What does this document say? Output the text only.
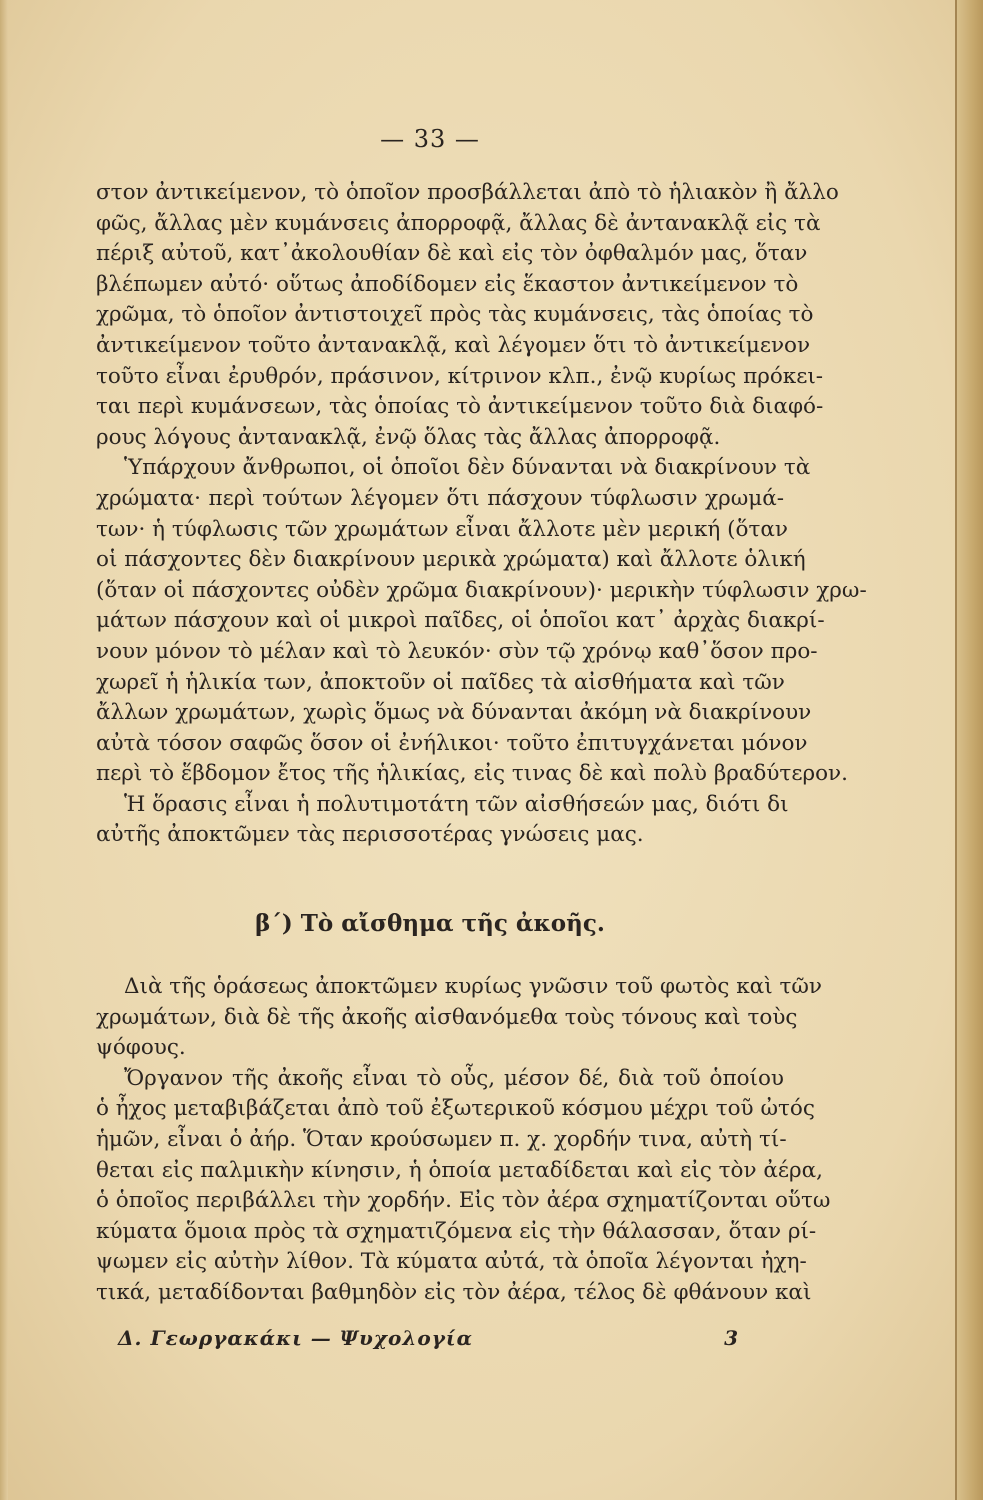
— 33 —
στον ἀντικείμενον, τὸ ὁποῖον προσβάλλεται ἀπὸ τὸ ἡλιακὸν ἢ ἄλλο
φῶς, ἄλλας μὲν κυμάνσεις ἀπορροφᾷ, ἄλλας δὲ ἀντανακλᾷ εἰς τὰ
πέριξ αὐτοῦ, κατ᾽ἀκολουθίαν δὲ καὶ εἰς τὸν ὀφθαλμόν μας, ὅταν
βλέπωμεν αὐτό· οὕτως ἀποδίδομεν εἰς ἕκαστον ἀντικείμενον τὸ
χρῶμα, τὸ ὁποῖον ἀντιστοιχεῖ πρὸς τὰς κυμάνσεις, τὰς ὁποίας τὸ
ἀντικείμενον τοῦτο ἀντανακλᾷ, καὶ λέγομεν ὅτι τὸ ἀντικείμενον
τοῦτο εἶναι ἐρυθρόν, πράσινον, κίτρινον κλπ., ἐνῷ κυρίως πρόκει-
ται περὶ κυμάνσεων, τὰς ὁποίας τὸ ἀντικείμενον τοῦτο διὰ διαφό-
ρους λόγους ἀντανακλᾷ, ἐνῷ ὅλας τὰς ἄλλας ἀπορροφᾷ.
Ὑπάρχουν ἄνθρωποι, οἱ ὁποῖοι δὲν δύνανται νὰ διακρίνουν τὰ
χρώματα· περὶ τούτων λέγομεν ὅτι πάσχουν τύφλωσιν χρωμά-
των· ἡ τύφλωσις τῶν χρωμάτων εἶναι ἄλλοτε μὲν μερική (ὅταν
οἱ πάσχοντες δὲν διακρίνουν μερικὰ χρώματα) καὶ ἄλλοτε ὁλική
(ὅταν οἱ πάσχοντες οὐδὲν χρῶμα διακρίνουν)· μερικὴν τύφλωσιν χρω-
μάτων πάσχουν καὶ οἱ μικροὶ παῖδες, οἱ ὁποῖοι κατ᾽ ἀρχὰς διακρί-
νουν μόνον τὸ μέλαν καὶ τὸ λευκόν· σὺν τῷ χρόνῳ καθ᾽ὅσον προ-
χωρεῖ ἡ ἡλικία των, ἀποκτοῦν οἱ παῖδες τὰ αἰσθήματα καὶ τῶν
ἄλλων χρωμάτων, χωρὶς ὅμως νὰ δύνανται ἀκόμη νὰ διακρίνουν
αὐτὰ τόσον σαφῶς ὅσον οἱ ἐνήλικοι· τοῦτο ἐπιτυγχάνεται μόνον
περὶ τὸ ἕβδομον ἔτος τῆς ἡλικίας, εἰς τινας δὲ καὶ πολὺ βραδύτερον.
Ἡ ὅρασις εἶναι ἡ πολυτιμοτάτη τῶν αἰσθήσεών μας, διότι δι
αὐτῆς ἀποκτῶμεν τὰς περισσοτέρας γνώσεις μας.
β΄) Τὸ αἴσθημα τῆς ἀκοῆς.
Διὰ τῆς ὁράσεως ἀποκτῶμεν κυρίως γνῶσιν τοῦ φωτὸς καὶ τῶν
χρωμάτων, διὰ δὲ τῆς ἀκοῆς αἰσθανόμεθα τοὺς τόνους καὶ τοὺς
ψόφους.
Ὄργανον τῆς ἀκοῆς εἶναι τὸ οὖς, μέσον δέ, διὰ τοῦ ὁποίου
ὁ ἦχος μεταβιβάζεται ἀπὸ τοῦ ἐξωτερικοῦ κόσμου μέχρι τοῦ ὠτός
ἡμῶν, εἶναι ὁ ἀήρ. Ὅταν κρούσωμεν π. χ. χορδήν τινα, αὐτὴ τί-
θεται εἰς παλμικὴν κίνησιν, ἡ ὁποία μεταδίδεται καὶ εἰς τὸν ἀέρα,
ὁ ὁποῖος περιβάλλει τὴν χορδήν. Εἰς τὸν ἀέρα σχηματίζονται οὕτω
κύματα ὅμοια πρὸς τὰ σχηματιζόμενα εἰς τὴν θάλασσαν, ὅταν ρί-
ψωμεν εἰς αὐτὴν λίθον. Τὰ κύματα αὐτά, τὰ ὁποῖα λέγονται ἠχη-
τικά, μεταδίδονται βαθμηδὸν εἰς τὸν ἀέρα, τέλος δὲ φθάνουν καὶ
Δ. Γεωργακάκι — Ψυχολογία	3
